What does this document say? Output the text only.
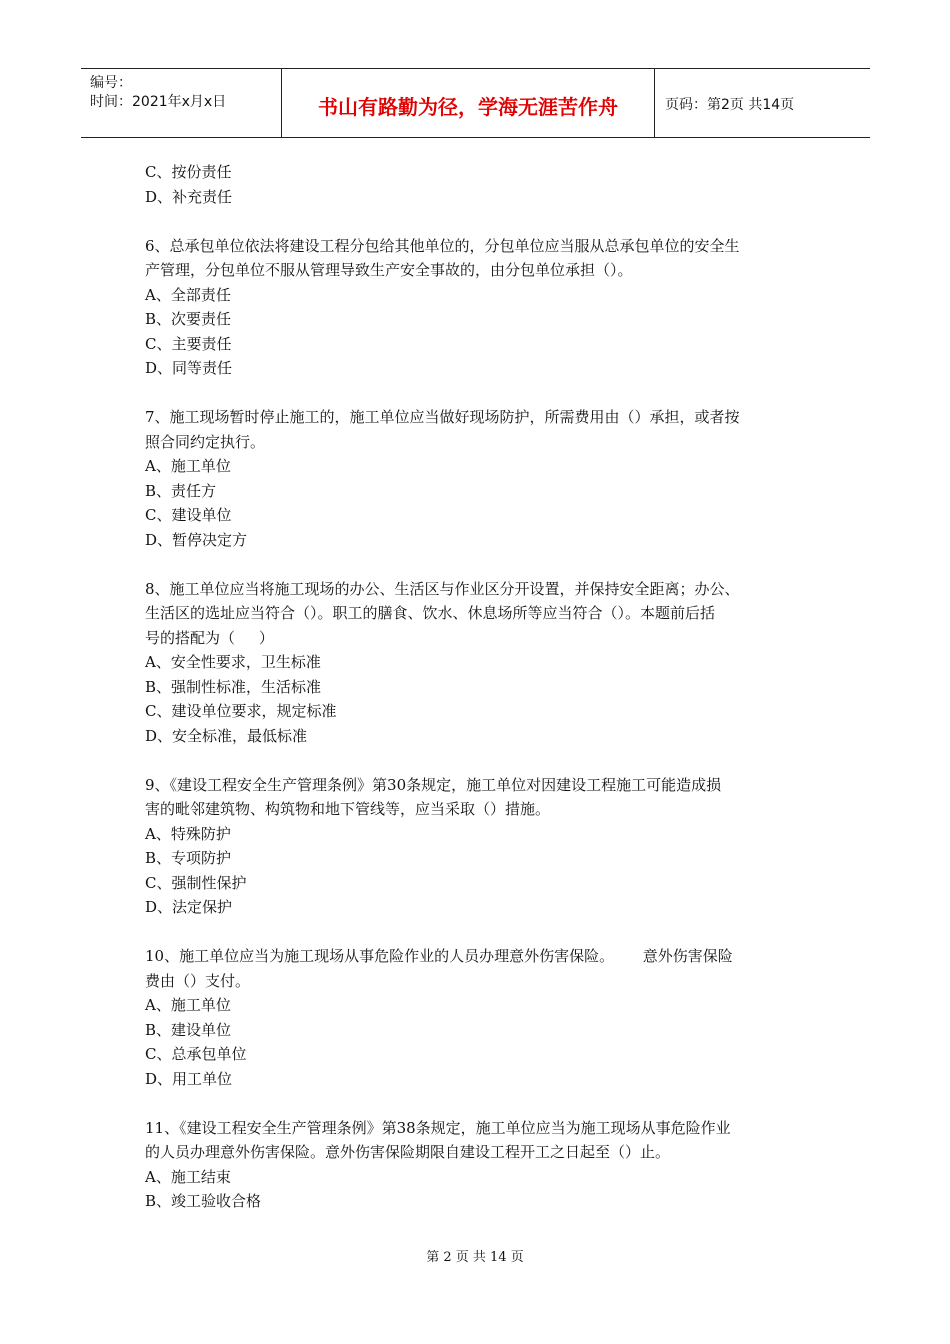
编号：
时间：2021年x月x日	书山有路勤为径，学海无涯苦作舟	页码：第2页 共14页
C、按份责任
D、补充责任
6、总承包单位依法将建设工程分包给其他单位的，分包单位应当服从总承包单位的安全生
产管理，分包单位不服从管理导致生产安全事故的，由分包单位承担（）。
A、全部责任
B、次要责任
C、主要责任
D、同等责任
7、施工现场暂时停止施工的，施工单位应当做好现场防护，所需费用由（）承担，或者按
照合同约定执行。
A、施工单位
B、责任方
C、建设单位
D、暂停决定方
8、施工单位应当将施工现场的办公、生活区与作业区分开设置，并保持安全距离；办公、
生活区的选址应当符合（）。职工的膳食、饮水、休息场所等应当符合（）。本题前后括
号的搭配为（     ）
A、安全性要求，卫生标准
B、强制性标准，生活标准
C、建设单位要求，规定标准
D、安全标准，最低标准
9、《建设工程安全生产管理条例》第30条规定，施工单位对因建设工程施工可能造成损
害的毗邻建筑物、构筑物和地下管线等，应当采取（）措施。
A、特殊防护
B、专项防护
C、强制性保护
D、法定保护
10、施工单位应当为施工现场从事危险作业的人员办理意外伤害保险。      意外伤害保险
费由（）支付。
A、施工单位
B、建设单位
C、总承包单位
D、用工单位
11、《建设工程安全生产管理条例》第38条规定，施工单位应当为施工现场从事危险作业
的人员办理意外伤害保险。意外伤害保险期限自建设工程开工之日起至（）止。
A、施工结束
B、竣工验收合格
第 2 页 共 14 页
